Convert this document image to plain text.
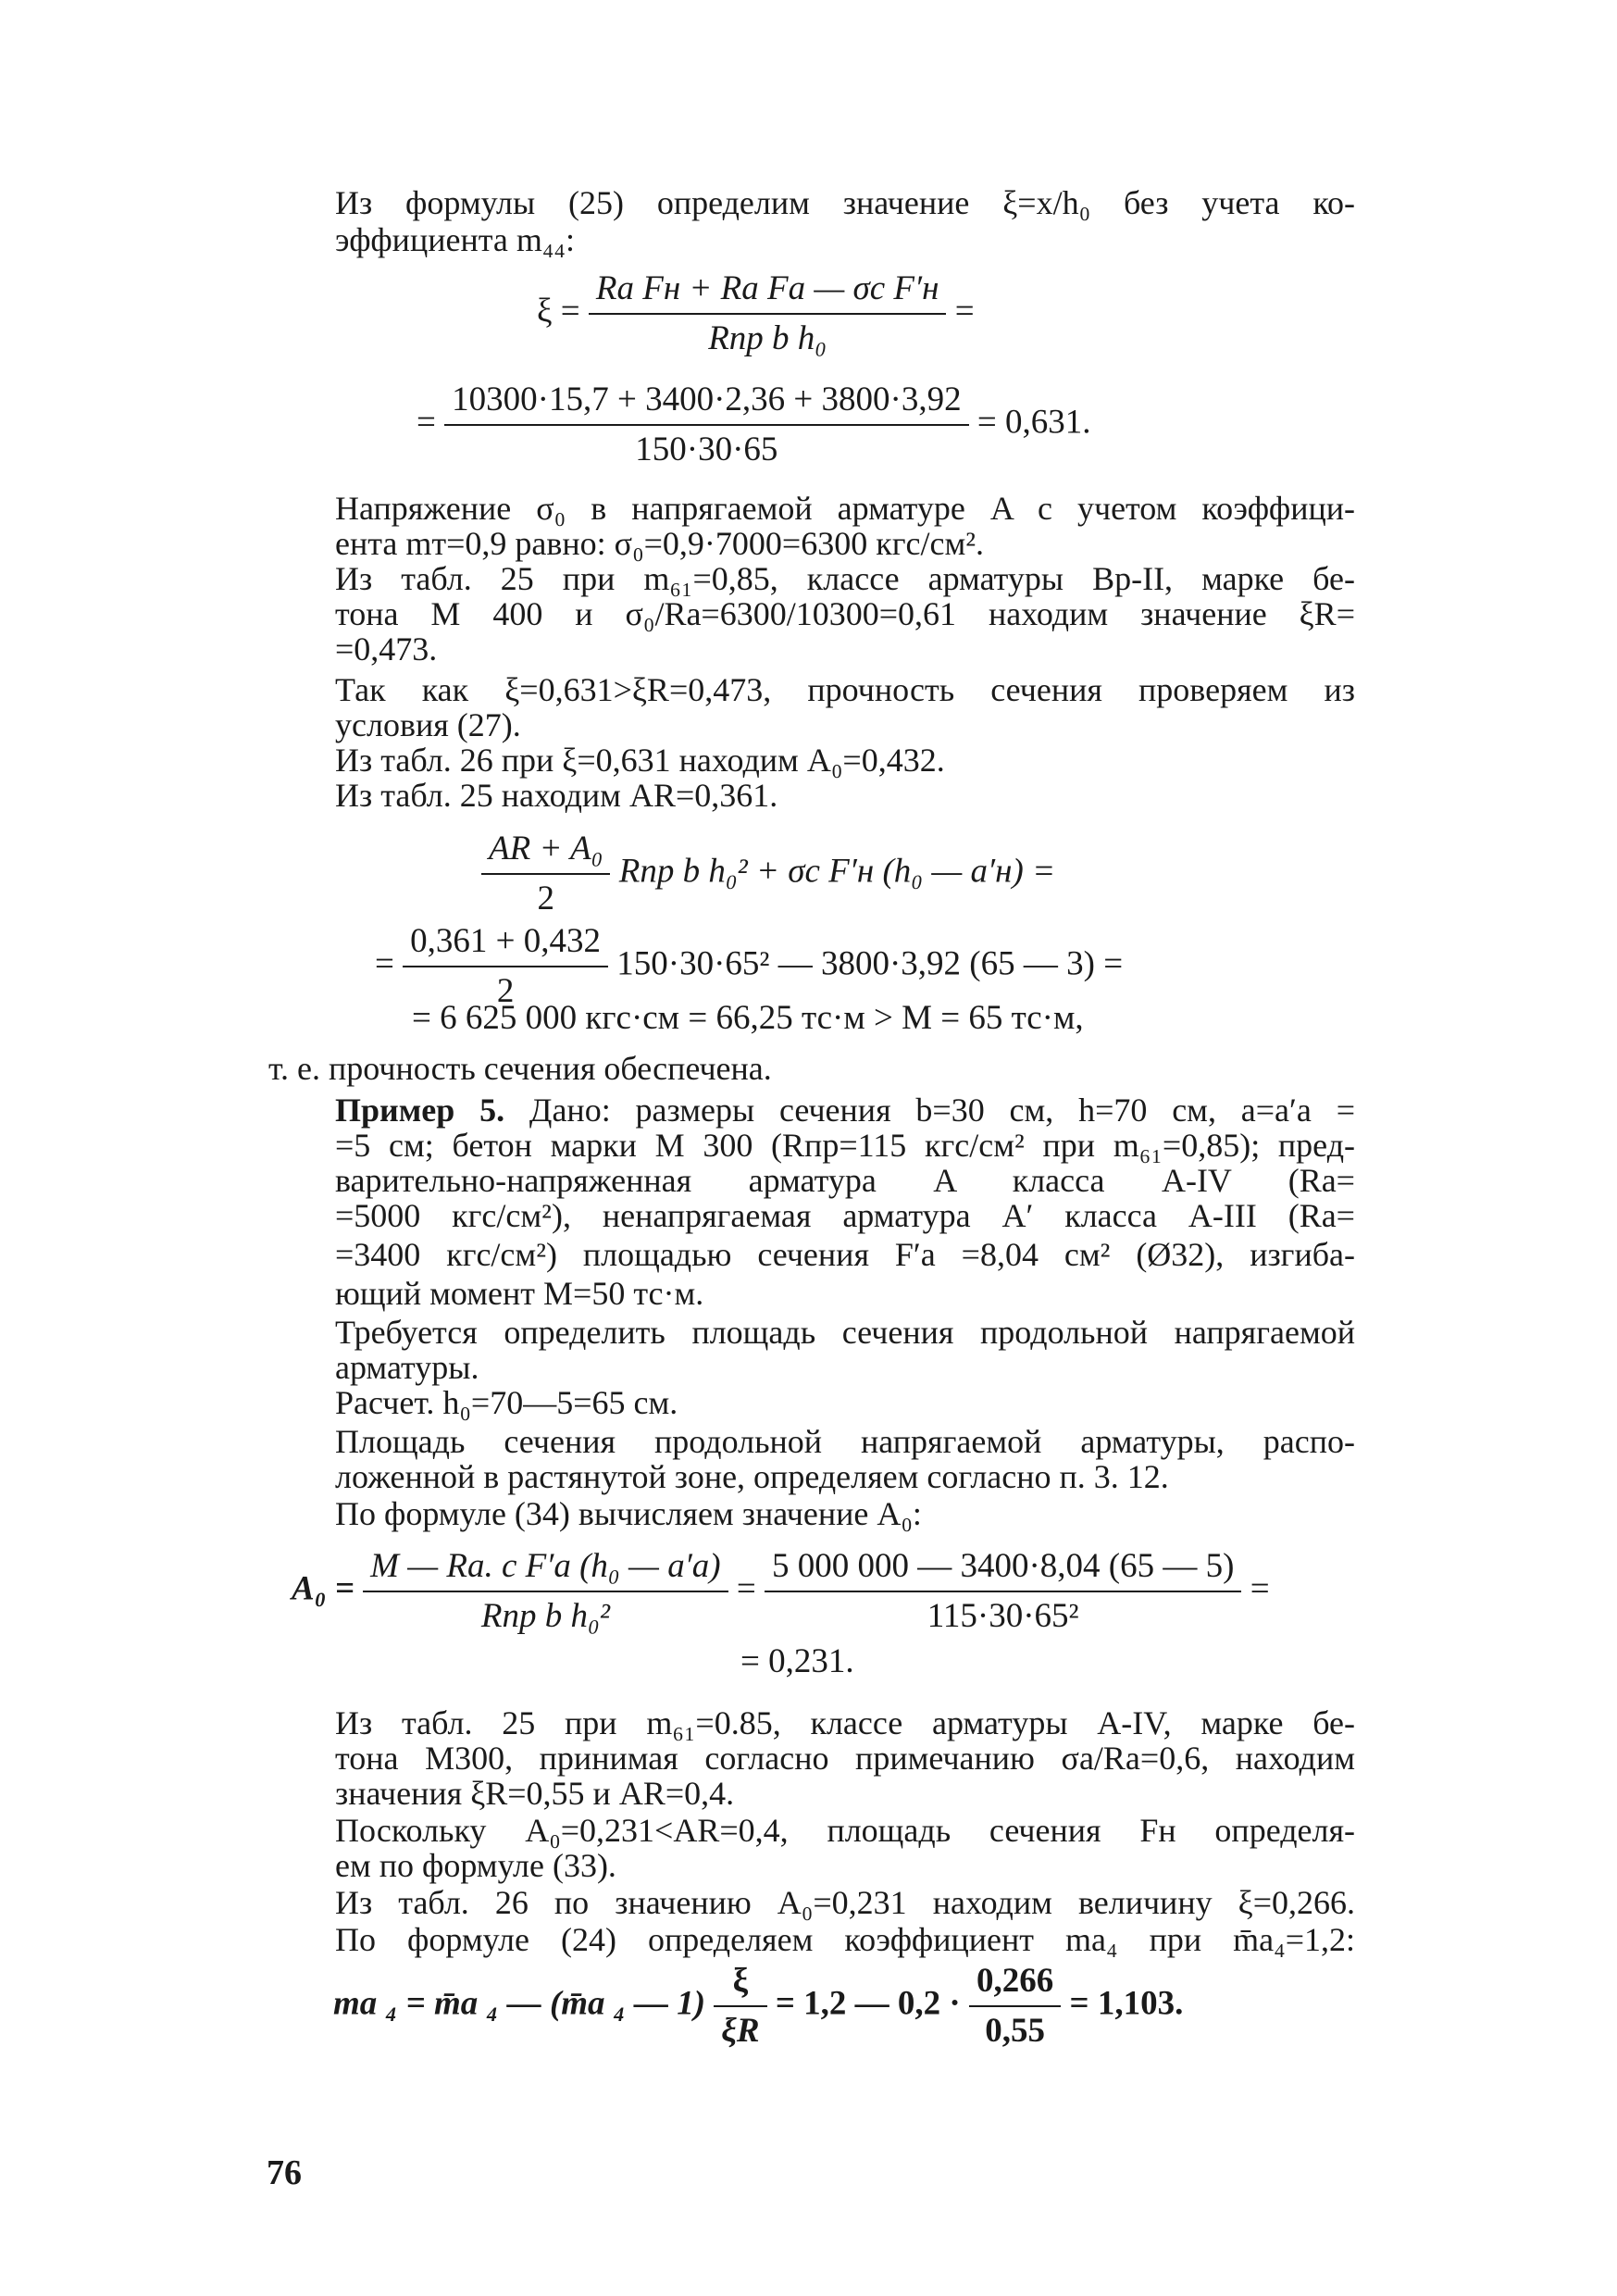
Из формулы (25) определим значение ξ=x/h₀ без учета ко-
эффициента m₄₄:
$\xi = \frac{\text{Rа Fн + Rа Fа — σс F′н}}{\text{Rпр b h₀}}$ =
= $\frac{10300\cdot 15,7 + 3400\cdot 2,36 + 3800\cdot 3,92}{150\cdot 30\cdot 65} = 0,631$.
Напряжение σ₀ в напрягаемой арматуре A с учетом коэффици-
ента mт=0,9 равно: σ₀=0,9·7000=6300 кгс/см².
Из табл. 25 при m₆₁=0,85, классе арматуры Вр-II, марке бе-
тона М 400 и σ₀/Rа=6300/10300=0,61 находим значение ξR=
=0,473.
Так как ξ=0,631>ξR=0,473, прочность сечения проверяем из
условия (27).
Из табл. 26 при ξ=0,631 находим A₀=0,432.
Из табл. 25 находим AR=0,361.
$\frac{\text{AR + A₀}}{2}$ Rпр b h₀² + σс F′н (h₀ — a′н) =
= $\frac{0,361 + 0,432}{2} 150\cdot 30\cdot 65^2$ — 3800·3,92 (65 — 3) =
= 6 625 000 кгс·см = 66,25 тс·м > M = 65 тс·м,
т. е. прочность сечения обеспечена.
Пример 5. Дано: размеры сечения b=30 см, h=70 см, a=a′а =
=5 см; бетон марки М 300 (Rпр=115 кгс/см² при m₆₁=0,85); пред-
варительно-напряженная арматура A класса A-IV (Rа=
=5000 кгс/см²), ненапрягаемая арматура A′ класса A-III (Rа=
=3400 кгс/см²) площадью сечения F′а =8,04 см² (Ø32), изгиба-
ющий момент M=50 тс·м.
Требуется определить площадь сечения продольной напрягаемой
арматуры.
Расчет. h₀=70—5=65 см.
Площадь сечения продольной напрягаемой арматуры, распо-
ложенной в растянутой зоне, определяем согласно п. 3. 12.
По формуле (34) вычисляем значение A₀:
$A_0 = \frac{\text{M — Rа. с F′а (h₀ — a′а)}}{\text{Rпр b h₀²}} = \frac{5 000 000 — 3400\cdot 8,04 (65 — 5)}{\text{115·30·65²}}$ =
= 0,231.
Из табл. 25 при m₆₁=0.85, классе арматуры A-IV, марке бе-
тона М300, принимая согласно примечанию σа/Rа=0,6, находим
значения ξR=0,55 и AR=0,4.
Поскольку A₀=0,231<AR=0,4, площадь сечения Fн определя-
ем по формуле (33).
Из табл. 26 по значению A₀=0,231 находим величину ξ=0,266.
По формуле (24) определяем коэффициент mа₄ при m̄а₄=1,2:
mа ₄ = m̄а ₄ — (m̄а ₄ — $1) \frac{\xi}{\xi R} = 1,2$ — $0,2 \cdot \frac{0,266}{0,55} = 1,103$.
76
